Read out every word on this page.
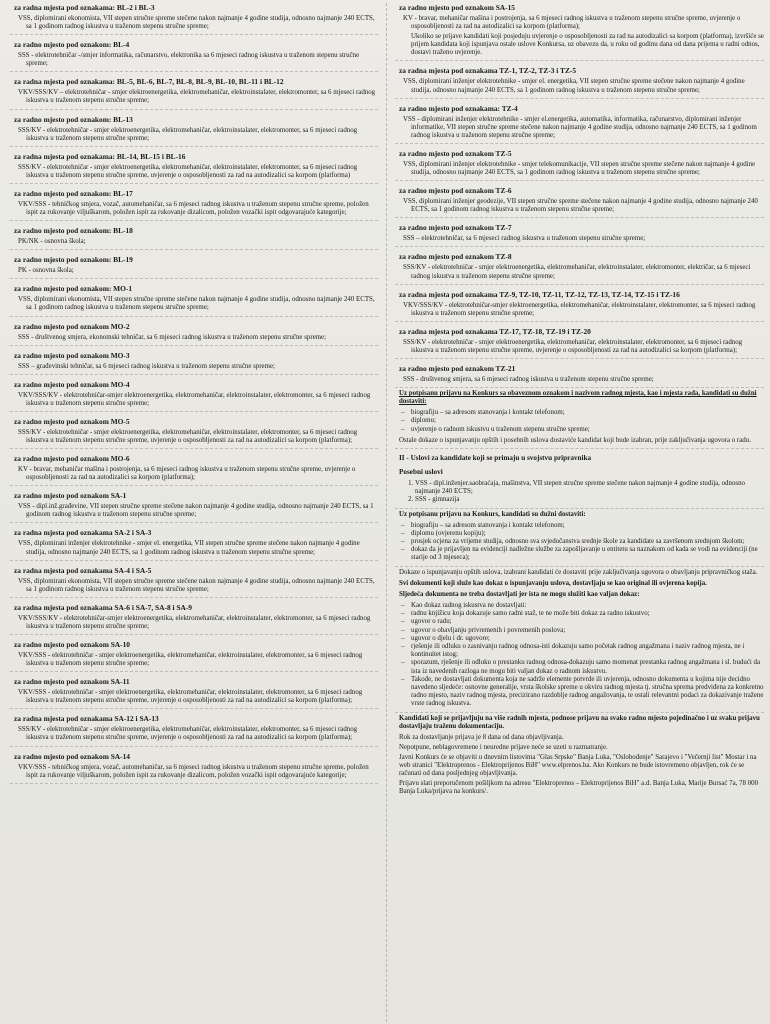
za radna mjesta pod oznakama: BL-2 i BL-3

VSS, diplomirani ekonomista, VII stepen stručne spreme stečene nakon najmanje 4 godine studija, odnosno najmanje 240 ECTS, sa 1 godinom radnog iskustva u traženom stepenu stručne spreme;

za radno mjesto pod oznakom: BL-4

SSS - elektrotehničar -/smjer informatika, računarstvo, elektronika sa 6 mjeseci radnog iskustva u traženom stepenu stručne spreme;

za radna mjesta pod oznakama: BL-5, BL-6, BL-7, BL-8, BL-9, BL-10, BL-11 i BL-12

VKV/SSS/KV – elektrotehničar - smjer elektroenergetika, elektromehaničar, elektroinstalater, elektromonter, sa 6 mjeseci radnog iskustva u traženom stepenu stručne spreme;

za radno mjesto pod oznakom: BL-13

SSS/KV - elektrotehničar - smjer elektroenergetika, elektromehaničar, elektroinstalater, elektromonter, sa 6 mjeseci radnog iskustva u traženom stepenu stručne spreme;

za radna mjesta pod oznakama: BL-14, BL-15 i BL-16

SSS/KV - elektrotehničar - smjer elektroenergetika, elektromehaničar, elektroinstalater, elektromonter, sa 6 mjeseci radnog iskustva u traženom stepenu stručne spreme, uvjerenje o osposobljenosti za rad na autodizalici sa korpom (platforma)

za radno mjesto pod oznakom: BL-17

VKV/SSS - tehničkog smjera, vozač, automehaničar, sa 6 mjeseci radnog iskustva u traženom stepenu stručne spreme, položen ispit za rukovanje viljuškarom, položen ispit za rukovanje dizalicom, položen vozački ispit odgovarajuće kategorije;

za radno mjesto pod oznakom: BL-18

PK/NK - osnovna škola;

za radno mjesto pod oznakom: BL-19

PK - osnovna škola;

za radno mjesto pod oznakom: MO-1

VSS, diplomirani ekonomista, VII stepen stručne spreme stečene nakon najmanje 4 godine studija, odnosno najmanje 240 ECTS, sa 1 godinom radnog iskustva u traženom stepenu stručne spreme;

za radno mjesto pod oznakom MO-2

SSS - društvenog smjera, ekonomski tehničar, sa 6 mjeseci radnog iskustva u traženom stepenu stručne spreme;

za radno mjesto pod oznakom MO-3

SSS – građevinski tehničar, sa 6 mjeseci radnog iskustva u traženom stepenu stručne spreme;

za radno mjesto pod oznakom MO-4

VKV/SSS/KV - elektrotehničar-smjer elektroenergetika, elektromehaničar, elektroinstalater, elektromonter, sa 6 mjeseci radnog iskustva u traženom stepenu stručne spreme;

za radno mjesto pod oznakom MO-5

SSS/KV - elektrotehničar - smjer elektroenergetika, elektromehaničar, elektroinstalater, elektromonter, sa 6 mjeseci radnog iskustva u traženom stepenu stručne spreme, uvjerenje o osposobljenosti za rad na autodizalici sa korpom (platforma);

za radno mjesto pod oznakom MO-6

KV - bravar, mehaničar mašina i postrojenja, sa 6 mjeseci radnog iskustva u traženom stepenu stručne spreme, uvjerenje o osposobljenosti za rad na autodizalici sa korpom (platforma);

za radno mjesto pod oznakom SA-1

VSS - dipl.inž.građevine, VII stepen stručne spreme stečene nakon najmanje 4 godine studija, odnosno najmanje 240 ECTS, sa 1 godinom radnog iskustva u traženom stepenu stručne spreme;

za radna mjesta pod oznakama SA-2 i SA-3

VSS, diplomirani inženjer elektrotehnike - smjer el. energetika, VII stepen stručne spreme stečene nakon najmanje 4 godine studija, odnosno najmanje 240 ECTS, sa 1 godinom radnog iskustva u traženom stepenu stručne spreme;

za radna mjesta pod oznakama SA-4 i SA-5

VSS, diplomirani ekonomista, VII stepen stručne spreme stečene nakon najmanje 4 godine studija, odnosno najmanje 240 ECTS, sa 1 godinom radnog iskustva u traženom stepenu stručne spreme;

za radna mjesta pod oznakama SA-6 i SA-7, SA-8 i SA-9

VKV/SSS/KV - elektrotehničar-smjer elektroenergetika, elektromehaničar, elektroinstalater, elektromonter, sa 6 mjeseci radnog iskustva u traženom stepenu stručne spreme;

za radno mjesto pod oznakom SA-10

VKV/SSS - elektrotehničar - smjer elektroenergetika, elektromehaničar, elektroinstalater, elektromonter, sa 6 mjeseci radnog iskustva u traženom stepenu stručne spreme;

za radno mjesto pod oznakom SA-11

VKV/SSS - elektrotehničar - smjer elektroenergetika, elektromehaničar, elektroinstalater, elektromonter, sa 6 mjeseci radnog iskustva u traženom stepenu stručne spreme, uvjerenje o osposobljenosti za rad na autodizalici sa korpom (platforma);

za radna mjesta pod oznakama SA-12 i SA-13

SSS/KV - elektrotehničar - smjer elektroenergetika, elektromehaničar, elektroinstalater, elektromonter, sa 6 mjeseci radnog iskustva u traženom stepenu stručne spreme, uvjerenje o osposobljenosti za rad na autodizalici sa korpom (platforma);

za radno mjesto pod oznakom SA-14

VKV/SSS - tehničkog smjera, vozač, automehaničar, sa 6 mjeseci radnog iskustva u traženom stepenu stručne spreme, položen ispit za rukovanje viljuškarom, položen ispit za rukovanje dizalicom, položen vozački ispit odgovarajuće kategorije;

za radno mjesto pod oznakom SA-15

KV - bravar, mehaničar mašina i postrojenja, sa 6 mjeseci radnog iskustva u traženom stepenu stručne spreme, uvjerenje o osposobljenosti za rad na autodizalici sa korpom (platforma);

Ukoliko se prijave kandidati koji posjeduju uvjerenje o osposobljenosti za rad na autodizalici sa korpom (platforma), izvršiće se prijem kandidata koji ispunjava ostale uslove Konkursa, uz obavezu da, u roku od godinu dana od dana prijema u radni odnos, dostavi traženo uvjerenje.

za radna mjesta pod oznakama TZ-1, TZ-2, TZ-3 i TZ-5

VSS, diplomirani inženjer elektrotehnike - smjer el. energetika, VII stepen stručne spreme stečene nakon najmanje 4 godine studija, odnosno najmanje 240 ECTS, sa 1 godinom radnog iskustva u traženom stepenu stručne spreme;

za radno mjesto pod oznakama: TZ-4

VSS - diplomirani inženjer elektrotehnike - smjer el.energetika, automatika, informatika, računarstvo, diplomirani inženjer informatike, VII stepen stručne spreme stečene nakon najmanje 4 godine studija, odnosno najmanje 240 ECTS, sa 1 godinom radnog iskustva u traženom stepenu stručne spreme;

za radno mjesto pod oznakom TZ-5

VSS, diplomirani inženjer elektrotehnike - smjer telekomunikacije, VII stepen stručne spreme stečene nakon najmanje 4 godine studija, odnosno najmanje 240 ECTS, sa 1 godinom radnog iskustva u traženom stepenu stručne spreme;

za radno mjesto pod oznakom TZ-6

VSS, diplomirani inženjer geodezije, VII stepen stručne spreme stečene nakon najmanje 4 godine studija, odnosno najmanje 240 ECTS, sa 1 godinom radnog iskustva u traženom stepenu stručne spreme;

za radno mjesto pod oznakom TZ-7

SSS – elektrotehničar, sa 6 mjeseci radnog iskustva u traženom stepenu stručne spreme;

za radno mjesto pod oznakom TZ-8

SSS/KV - elektrotehničar - smjer elektroenergetika, elektromehaničar, elektroinstalater, elektromonter, električar, sa 6 mjeseci radnog iskustva u traženom stepenu stručne spreme;

za radna mjesta pod oznakama TZ-9, TZ-10, TZ-11, TZ-12, TZ-13, TZ-14, TZ-15 i TZ-16

VKV/SSS/KV - elektrotehničar-smjer elektroenergetika, elektromehaničar, elektroinstalater, elektromonter, sa 6 mjeseci radnog iskustva u traženom stepenu stručne spreme;

za radna mjesta pod oznakama TZ-17, TZ-18, TZ-19 i TZ-20

SSS/KV - elektrotehničar - smjer elektroenergetika, elektromehaničar, elektroinstalater, elektromonter, sa 6 mjeseci radnog iskustva u traženom stepenu stručne spreme, uvjerenje o osposobljenosti za rad na autodizalici sa korpom (platforma);

za radno mjesto pod oznakom TZ-21

SSS - društvenog smjera, sa 6 mjeseci radnog iskustva u traženom stepenu stručne spreme;

Uz potpisanu prijavu na Konkurs sa obaveznom oznakom i nazivom radnog mjesta, kao i mjesta rada, kandidati su dužni dostaviti:

– biografiju – sa adresom stanovanja i kontakt telefonom;
– diplomu;
– uvjerenje o radnom iskustvu u traženom stepenu stručne spreme;

Ostale dokaze o ispunjavanju opštih i posebnih uslova dostaviće kandidat koji bude izabran, prije zaključivanja ugovora o radu.

II - Uslovi za kandidate koji se primaju u svojstvu pripravnika

Posebni uslovi

1. VSS - dipl.inženjer.saobraćaja, mašinstva, VII stepen stručne spreme stečene nakon najmanje 4 godine studija, odnosno najmanje 240 ECTS;
2. SSS - gimnazija

Uz potpisanu prijavu na Konkurs, kandidati su dužni dostaviti:

– biografiju – sa adresom stanovanja i kontakt telefonom;
– diplomu (ovjerenu kopiju);
– prosjek ocjena za vrijeme studija, odnosno sva svjedočanstva srednje škole za kandidate sa završenom srednjom školom;
– dokaz da je prijavljen na evidenciji nadležne službe za zapošljavanje u entitetu sa naznakom od kada se vodi na evidenciji (ne starije od 3 mjeseca);

Dokaze o ispunjavanju opštih uslova, izabrani kandidati će dostaviti prije zaključivanja ugovora o obavljanju pripravničkog staža.

Svi dokumenti koji služe kao dokaz o ispunjavanju uslova, dostavljaju se kao original ili ovjerena kopija.

Sljedeća dokumenta ne treba dostavljati jer ista ne mogu služiti kao valjan dokaz:

– Kao dokaz radnog iskustva ne dostavljati:
– radnu knjižicu koja dokazuje samo radni staž, te ne može biti dokaz za radno iskustvo;
– ugovor o radu;
– ugovor o obavljanju privremenih i povremenih poslova;
– ugovor o djelu i dr. ugovore;
– rješenje ili odluku o zasnivanju radnog odnosa-isti dokazuju samo početak radnog angažmana i naziv radnog mjesta, ne i kontinuitet istog;
– sporazum, rješenje ili odluku o prestanku radnog odnosa-dokazuju samo momenat prestanka radnog angažmana i sl. budući da ista iz navedenih razloga ne mogu biti valjan dokaz o radnom iskustvu.
– Takođe, ne dostavljati dokumenta koja ne sadrže elemente potvrde ili uvjerenja, odnosno dokumenta u kojima nije decidno navedeno sljedeće: osnovne generalije, vrsta školske spreme u okviru radnog mjesta tj. stručna sprema predviđena za konkretno radno mjesto, naziv radnog mjesta, precizirano razdoblje radnog angažovanja, te ostali relevantni podaci za dokazivanje tražene vrste radnog iskustva.

Kandidati koji se prijavljuju na više radnih mjesta, podnose prijavu na svako radno mjesto pojedinačno i uz svaku prijavu dostavljaju traženu dokumentaciju.

Rok za dostavljanje prijava je 8 dana od dana objavljivanja.

Nepotpune, neblagovremene i neuredne prijave neće se uzeti u razmatranje.

Javni Konkurs će se objaviti u dnevnim listovima "Glas Srpske" Banja Luka, "Oslobođenje" Sarajevo i "Večernji list" Mostar i na web stranici "Elektroprenos - Elektroprijenos BiH" www.elprenos.ba. Ako Konkurs ne bude istovremeno objavljen, rok će se računati od dana posljednjeg objavljivanja.

Prijavu slati preporučenom pošiljkom na adresu "Elektroprenos – Elektroprijenos BiH" a.d. Banja Luka, Marije Bursać 7a, 78 000 Banja Luka/prijava na konkurs/.
